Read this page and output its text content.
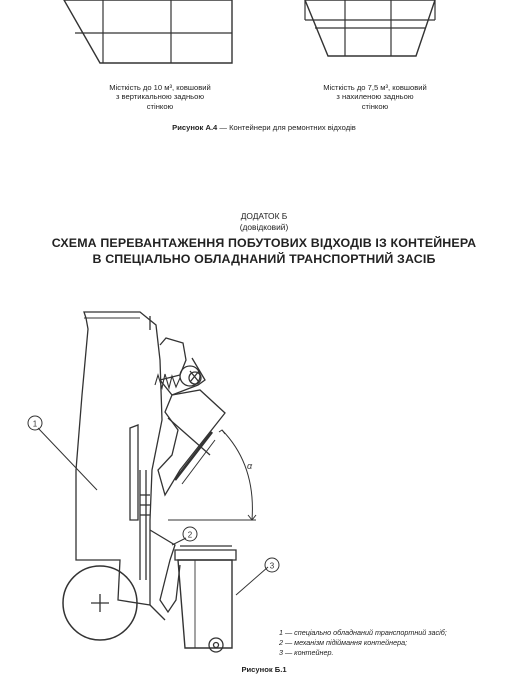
Місткість до 10 м³, ковшовий
з вертикальною задньою
стінкою
Місткість до 7,5 м³, ковшовий
з нахиленою задньою
стінкою
Рисунок А.4 — Контейнери для ремонтних відходів
ДОДАТОК Б
(довідковий)
СХЕМА ПЕРЕВАНТАЖЕННЯ ПОБУТОВИХ ВІДХОДІВ ІЗ КОНТЕЙНЕРА
В СПЕЦІАЛЬНО ОБЛАДНАНИЙ ТРАНСПОРТНИЙ ЗАСІБ
1
2
3
α
1 — спеціально обладнаний транспортний засіб;
2 — механізм підіймання контейнера;
3 — контейнер.
Рисунок Б.1
